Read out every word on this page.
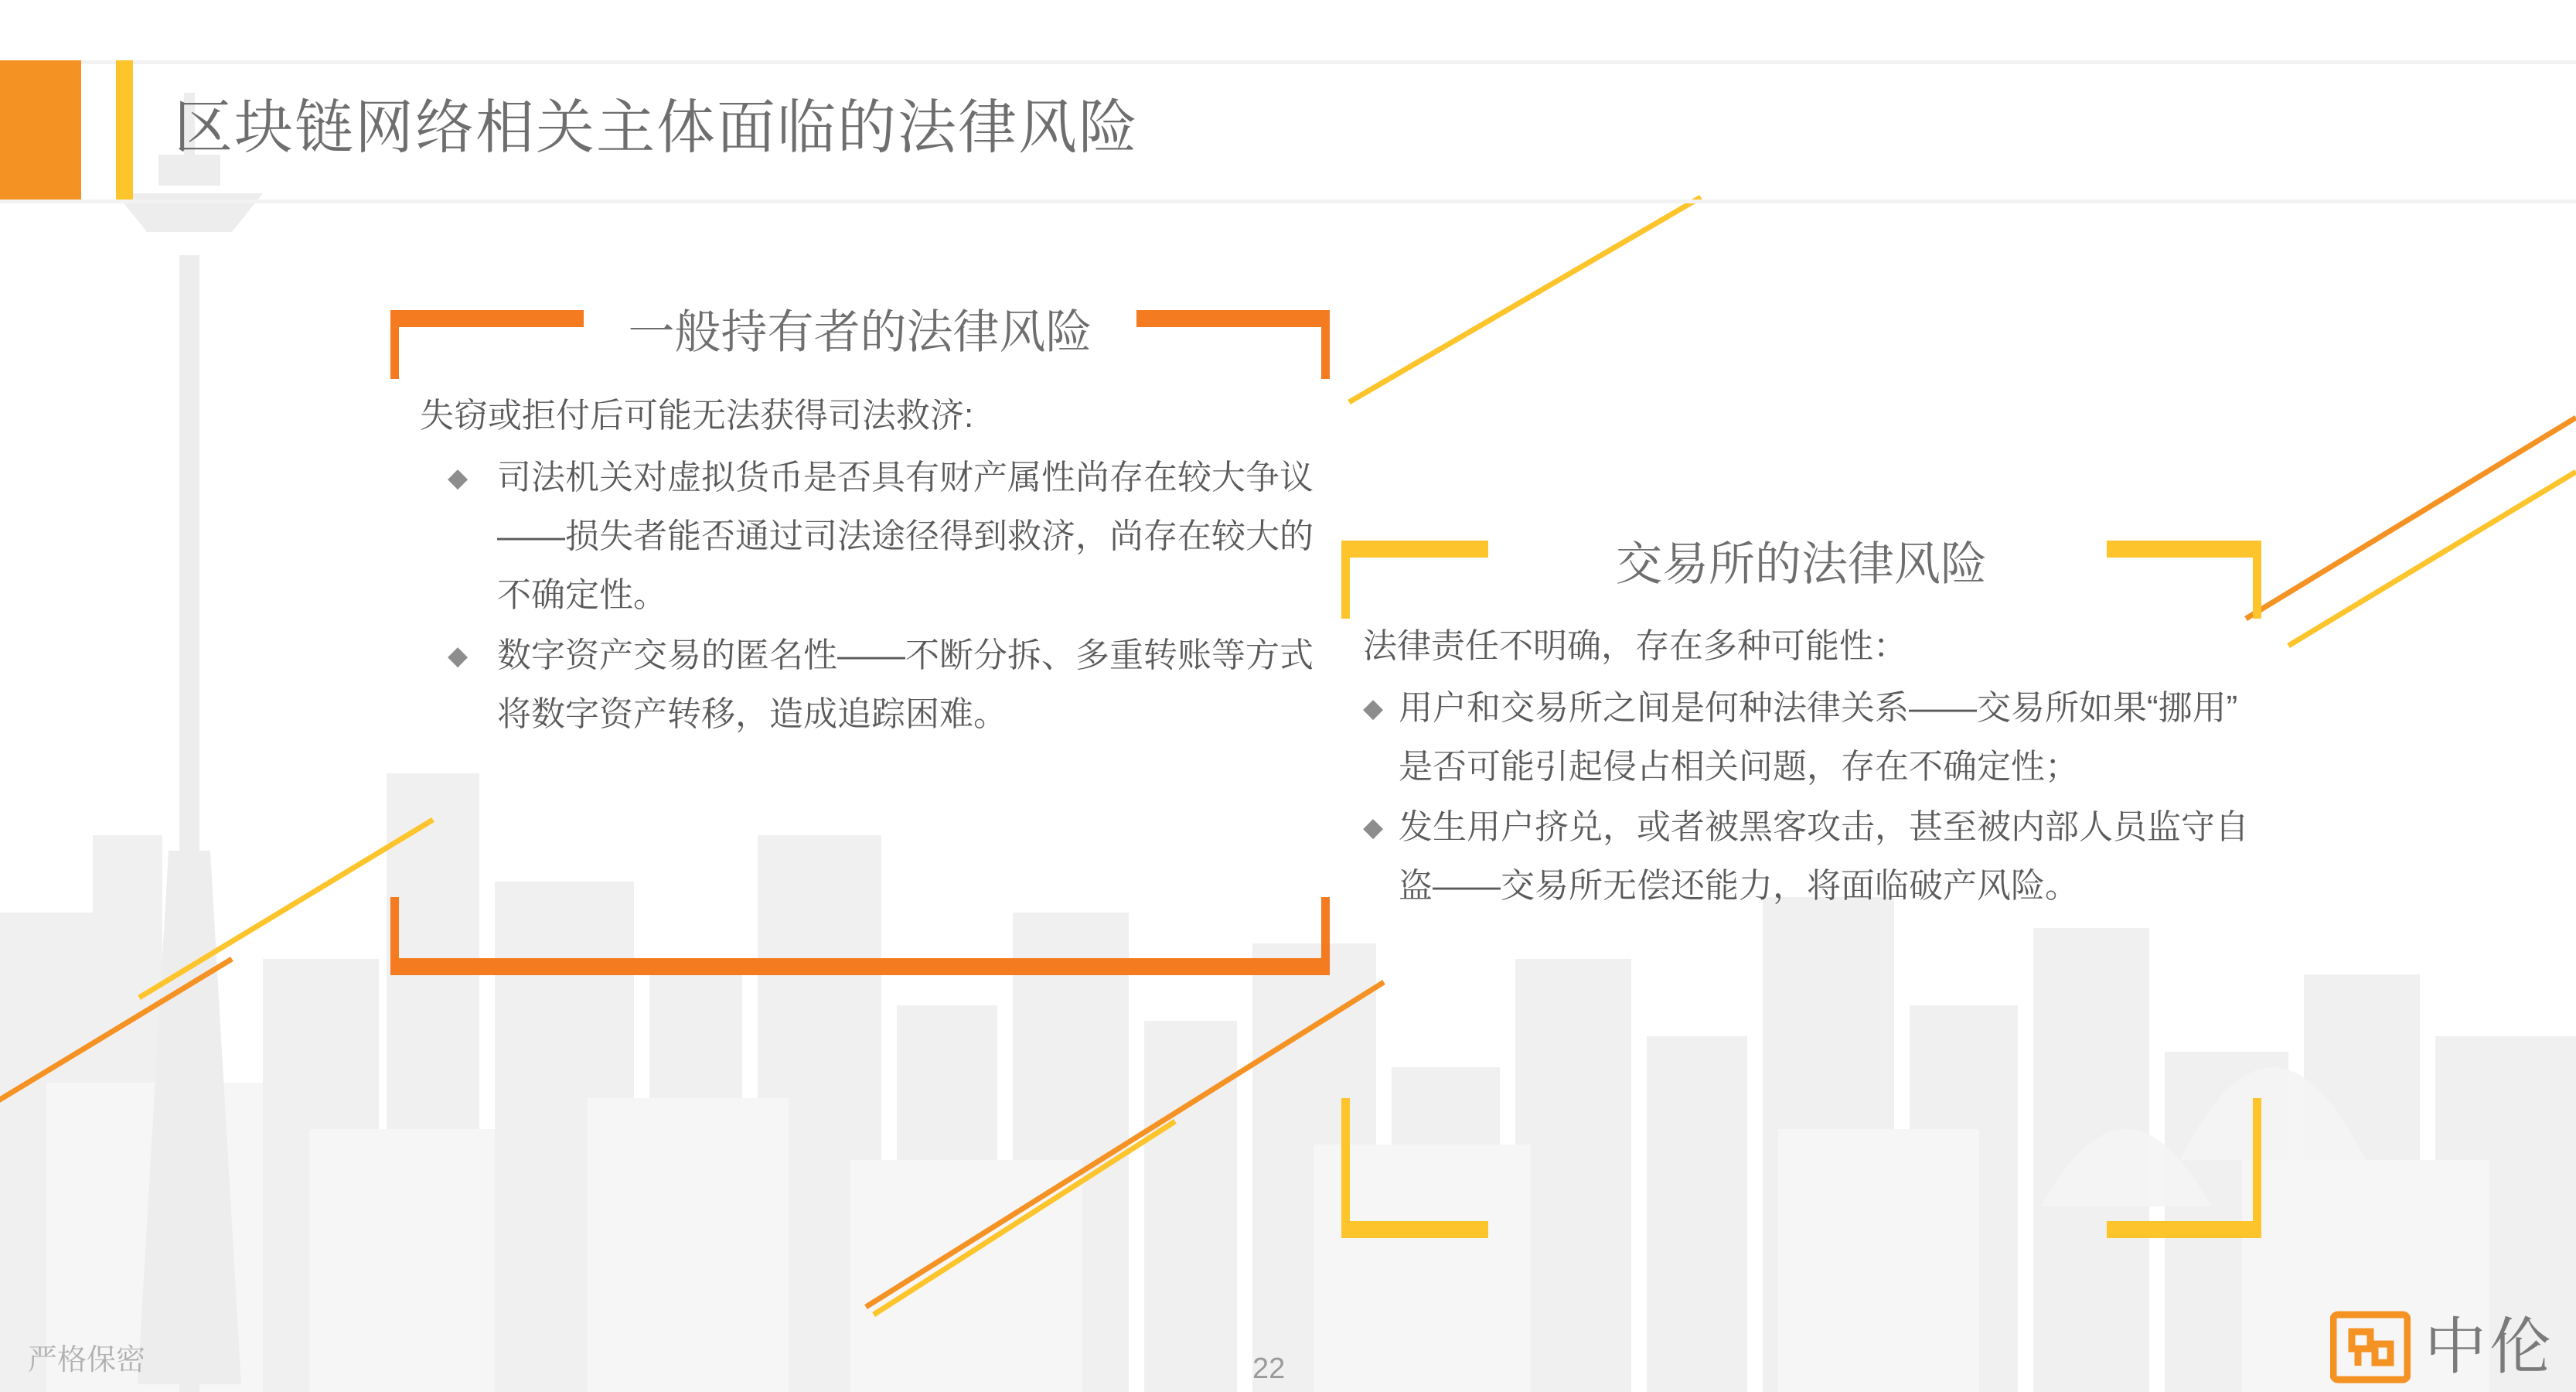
区块链网络相关主体面临的法律风险
一般持有者的法律风险

失窃或拒付后可能无法获得司法救济:

◆ 司法机关对虚拟货币是否具有财产属性尚存在较大争议——损失者能否通过司法途径得到救济，尚存在较大的不确定性。
◆ 数字资产交易的匿名性——不断分拆、多重转账等方式将数字资产转移，造成追踪困难。
交易所的法律风险

法律责任不明确，存在多种可能性：

◆ 用户和交易所之间是何种法律关系——交易所如果“挪用”是否可能引起侵占相关问题，存在不确定性；
◆ 发生用户挤兑，或者被黑客攻击，甚至被内部人员监守自盗——交易所无偿还能力，将面临破产风险。
严格保密	22	中伦
